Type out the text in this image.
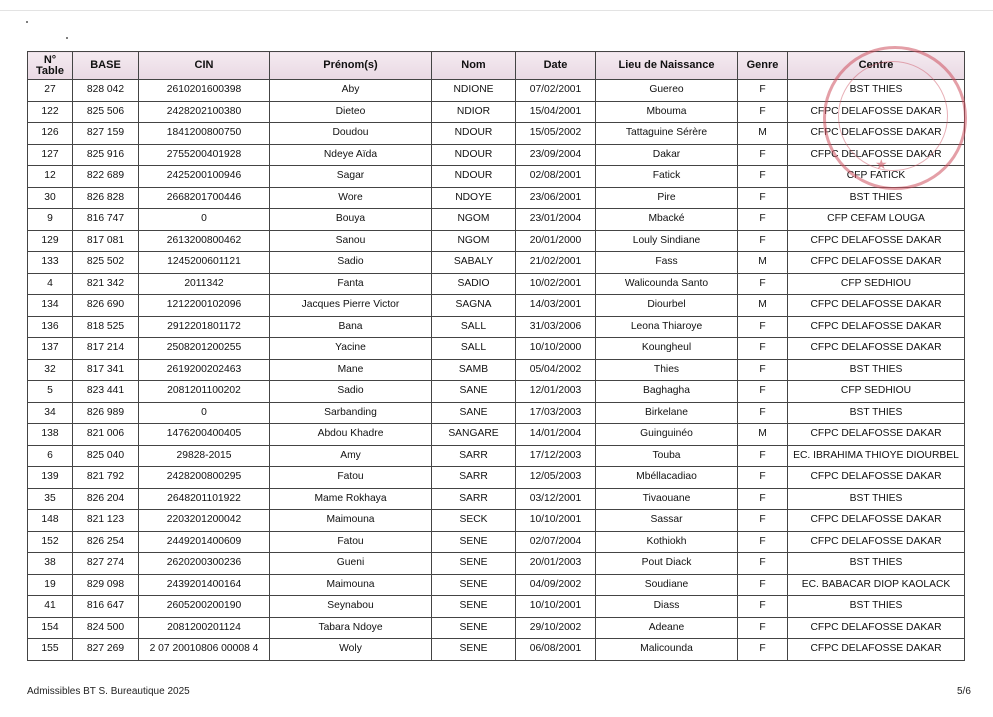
N°
Table	BASE	CIN	Prénom(s)	Nom	Date	Lieu de Naissance	Genre	Centre
27	828 042	2610201600398	Aby	NDIONE	07/02/2001	Guereo	F	BST THIES
122	825 506	2428202100380	Dieteo	NDIOR	15/04/2001	Mbouma	F	CFPC DELAFOSSE DAKAR
126	827 159	1841200800750	Doudou	NDOUR	15/05/2002	Tattaguine Sérère	M	CFPC DELAFOSSE DAKAR
127	825 916	2755200401928	Ndeye Aïda	NDOUR	23/09/2004	Dakar	F	CFPC DELAFOSSE DAKAR
12	822 689	2425200100946	Sagar	NDOUR	02/08/2001	Fatick	F	CFP FATICK
30	826 828	2668201700446	Wore	NDOYE	23/06/2001	Pire	F	BST THIES
9	816 747	0	Bouya	NGOM	23/01/2004	Mbacké	F	CFP CEFAM LOUGA
129	817 081	2613200800462	Sanou	NGOM	20/01/2000	Louly Sindiane	F	CFPC DELAFOSSE DAKAR
133	825 502	1245200601121	Sadio	SABALY	21/02/2001	Fass	M	CFPC DELAFOSSE DAKAR
4	821 342	2011342	Fanta	SADIO	10/02/2001	Walicounda Santo	F	CFP SEDHIOU
134	826 690	1212200102096	Jacques Pierre Victor	SAGNA	14/03/2001	Diourbel	M	CFPC DELAFOSSE DAKAR
136	818 525	2912201801172	Bana	SALL	31/03/2006	Leona Thiaroye	F	CFPC DELAFOSSE DAKAR
137	817 214	2508201200255	Yacine	SALL	10/10/2000	Koungheul	F	CFPC DELAFOSSE DAKAR
32	817 341	2619200202463	Mane	SAMB	05/04/2002	Thies	F	BST THIES
5	823 441	2081201100202	Sadio	SANE	12/01/2003	Baghagha	F	CFP SEDHIOU
34	826 989	0	Sarbanding	SANE	17/03/2003	Birkelane	F	BST THIES
138	821 006	1476200400405	Abdou Khadre	SANGARE	14/01/2004	Guinguinéo	M	CFPC DELAFOSSE DAKAR
6	825 040	29828-2015	Amy	SARR	17/12/2003	Touba	F	EC. IBRAHIMA THIOYE DIOURBEL
139	821 792	2428200800295	Fatou	SARR	12/05/2003	Mbéllacadiao	F	CFPC DELAFOSSE DAKAR
35	826 204	2648201101922	Mame Rokhaya	SARR	03/12/2001	Tivaouane	F	BST THIES
148	821 123	2203201200042	Maimouna	SECK	10/10/2001	Sassar	F	CFPC DELAFOSSE DAKAR
152	826 254	2449201400609	Fatou	SENE	02/07/2004	Kothiokh	F	CFPC DELAFOSSE DAKAR
38	827 274	2620200300236	Gueni	SENE	20/01/2003	Pout Diack	F	BST THIES
19	829 098	2439201400164	Maimouna	SENE	04/09/2002	Soudiane	F	EC. BABACAR DIOP KAOLACK
41	816 647	2605200200190	Seynabou	SENE	10/10/2001	Diass	F	BST THIES
154	824 500	2081200201124	Tabara Ndoye	SENE	29/10/2002	Adeane	F	CFPC DELAFOSSE DAKAR
155	827 269	2 07 20010806 00008 4	Woly	SENE	06/08/2001	Malicounda	F	CFPC DELAFOSSE DAKAR
★
Admissibles BT S. Bureautique 2025	5/6
